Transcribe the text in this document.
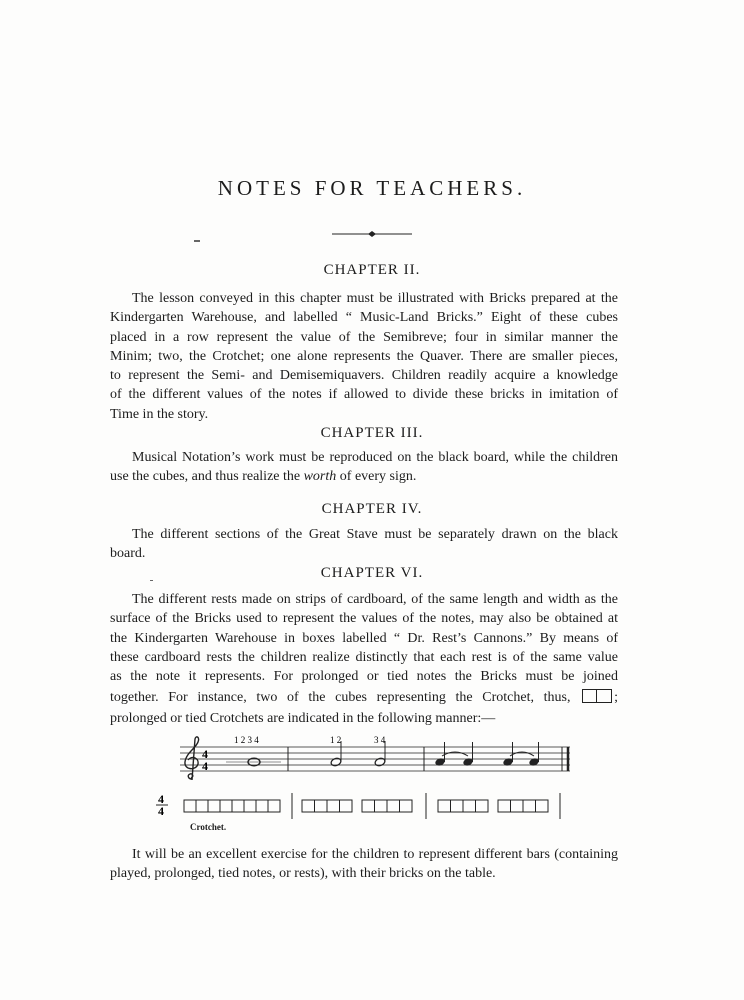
NOTES FOR TEACHERS.
CHAPTER II.

The lesson conveyed in this chapter must be illustrated with Bricks prepared at the
Kindergarten Warehouse, and labelled “ Music-Land Bricks.” Eight of these cubes
placed in a row represent the value of the Semibreve; four in similar manner the
Minim; two, the Crotchet; one alone represents the Quaver. There are smaller pieces,
to represent the Semi- and Demisemiquavers. Children readily acquire a knowledge
of the different values of the notes if allowed to divide these bricks in imitation of
Time in the story.

CHAPTER III.

Musical Notation’s work must be reproduced on the black board, while the children
use the cubes, and thus realize the worth of every sign.

CHAPTER IV.

The different sections of the Great Stave must be separately drawn on the black
board.

CHAPTER VI.

The different rests made on strips of cardboard, of the same length and width as the
surface of the Bricks used to represent the values of the notes, may also be obtained at
the Kindergarten Warehouse in boxes labelled “ Dr. Rest’s Cannons.” By means of
these cardboard rests the children realize distinctly that each rest is of the same value
as the note it represents. For prolonged or tied notes the Bricks must be joined
together. For instance, two of the cubes representing the Crotchet, thus,	;
prolonged or tied Crotchets are indicated in the following manner:—

4
4
1 2 3 4	1 2	3 4
4
4
Crotchet.

It will be an excellent exercise for the children to represent different bars (containing
played, prolonged, tied notes, or rests), with their bricks on the table.
